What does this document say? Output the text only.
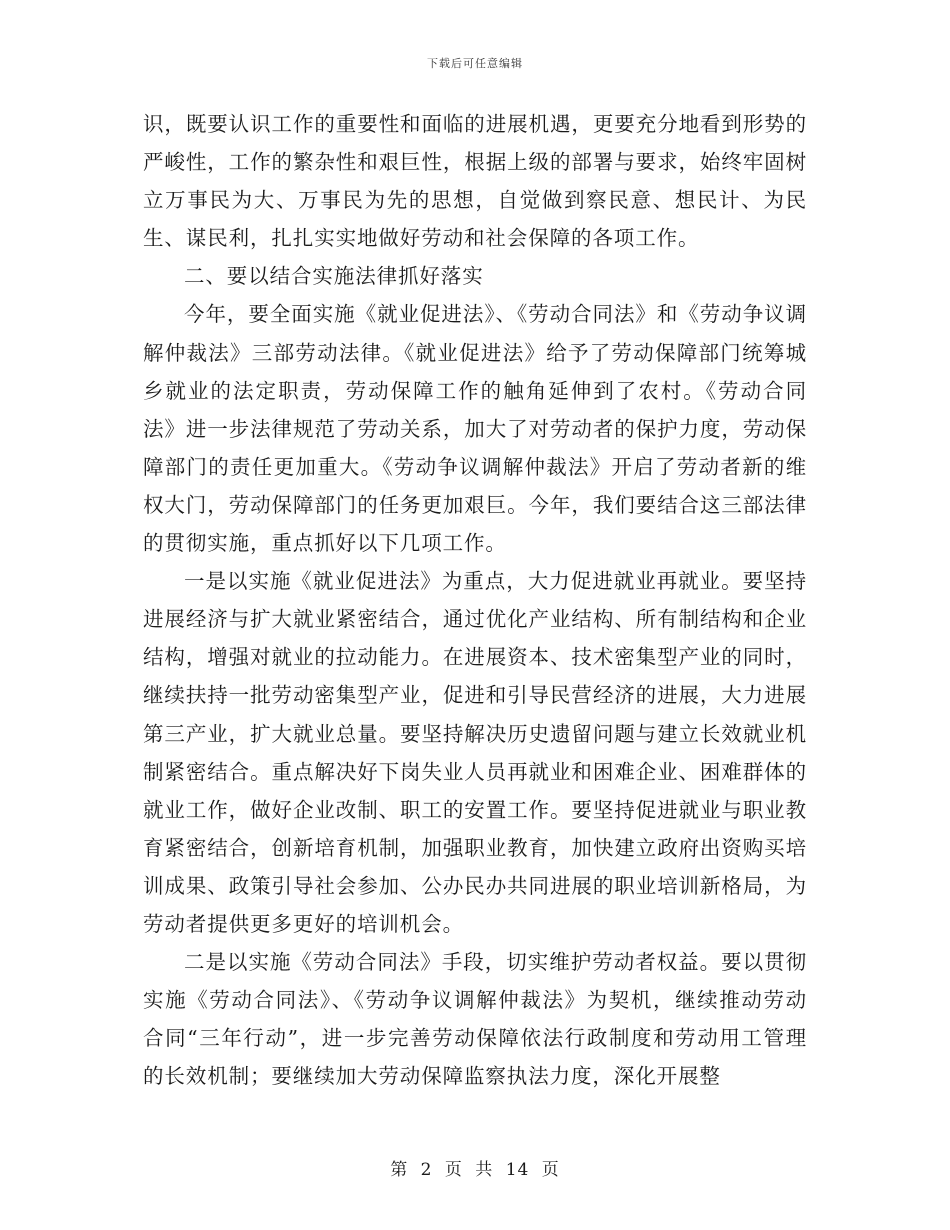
下载后可任意编辑

识，既要认识工作的重要性和面临的进展机遇，更要充分地看到形势的严峻性，工作的繁杂性和艰巨性，根据上级的部署与要求，始终牢固树立万事民为大、万事民为先的思想，自觉做到察民意、想民计、为民生、谋民利，扎扎实实地做好劳动和社会保障的各项工作。

二、要以结合实施法律抓好落实

今年，要全面实施《就业促进法》、《劳动合同法》和《劳动争议调解仲裁法》三部劳动法律。《就业促进法》给予了劳动保障部门统筹城乡就业的法定职责，劳动保障工作的触角延伸到了农村。《劳动合同法》进一步法律规范了劳动关系，加大了对劳动者的保护力度，劳动保障部门的责任更加重大。《劳动争议调解仲裁法》开启了劳动者新的维权大门，劳动保障部门的任务更加艰巨。今年，我们要结合这三部法律的贯彻实施，重点抓好以下几项工作。

一是以实施《就业促进法》为重点，大力促进就业再就业。要坚持进展经济与扩大就业紧密结合，通过优化产业结构、所有制结构和企业结构，增强对就业的拉动能力。在进展资本、技术密集型产业的同时，继续扶持一批劳动密集型产业，促进和引导民营经济的进展，大力进展第三产业，扩大就业总量。要坚持解决历史遗留问题与建立长效就业机制紧密结合。重点解决好下岗失业人员再就业和困难企业、困难群体的就业工作，做好企业改制、职工的安置工作。要坚持促进就业与职业教育紧密结合，创新培育机制，加强职业教育，加快建立政府出资购买培训成果、政策引导社会参加、公办民办共同进展的职业培训新格局，为劳动者提供更多更好的培训机会。

二是以实施《劳动合同法》手段，切实维护劳动者权益。要以贯彻实施《劳动合同法》、《劳动争议调解仲裁法》为契机，继续推动劳动合同“三年行动”，进一步完善劳动保障依法行政制度和劳动用工管理的长效机制；要继续加大劳动保障监察执法力度，深化开展整

第 2 页 共 14 页
